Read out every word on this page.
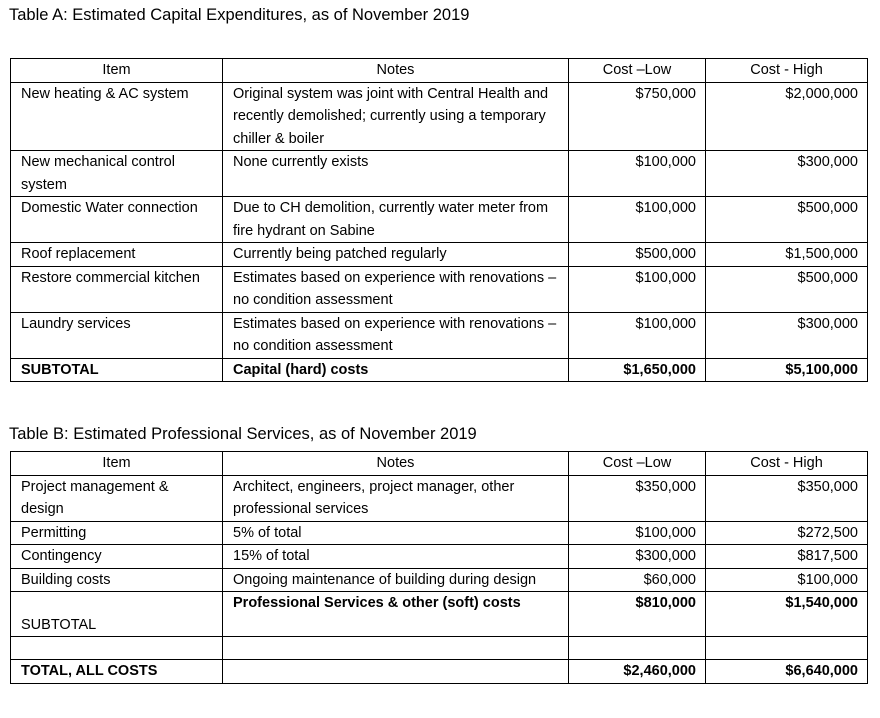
Table A: Estimated Capital Expenditures, as of November 2019
Item	Notes	Cost –Low	Cost - High
New heating & AC system	Original system was joint with Central Health and recently demolished; currently using a temporary chiller & boiler	$750,000	$2,000,000
New mechanical control system	None currently exists	$100,000	$300,000
Domestic Water connection	Due to CH demolition, currently water meter from fire hydrant on Sabine	$100,000	$500,000
Roof replacement	Currently being patched regularly	$500,000	$1,500,000
Restore commercial kitchen	Estimates based on experience with renovations – no condition assessment	$100,000	$500,000
Laundry services	Estimates based on experience with renovations – no condition assessment	$100,000	$300,000
SUBTOTAL	Capital (hard) costs	$1,650,000	$5,100,000
Table B: Estimated Professional Services, as of November 2019
Item	Notes	Cost –Low	Cost - High
Project management & design	Architect, engineers, project manager, other professional services	$350,000	$350,000
Permitting	5% of total	$100,000	$272,500
Contingency	15% of total	$300,000	$817,500
Building costs	Ongoing maintenance of building during design	$60,000	$100,000
SUBTOTAL	Professional Services & other (soft) costs	$810,000	$1,540,000

TOTAL, ALL COSTS		$2,460,000	$6,640,000
